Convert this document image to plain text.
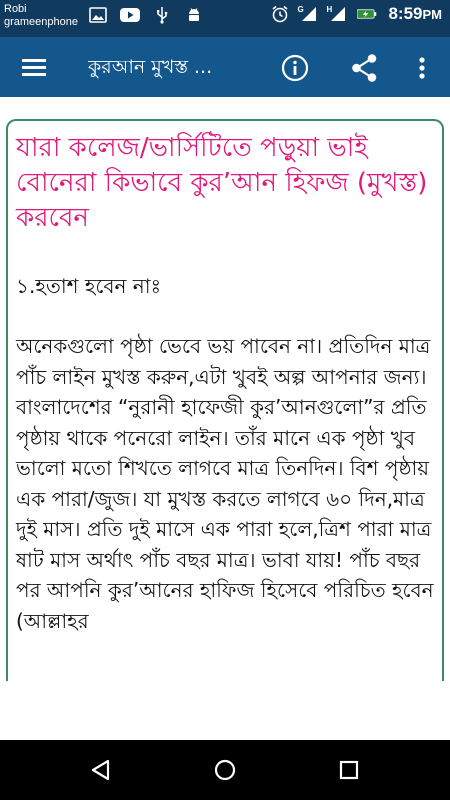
Robi
grameenphone
G	H	8:59PM
কুরআন মুখস্ত ...
যারা কলেজ/ভার্সিটিতে পড়ুয়া ভাই বোনেরা কিভাবে কুর’আন হিফজ (মুখস্ত) করবেন
১.হতাশ হবেন নাঃ
অনেকগুলো পৃষ্ঠা ভেবে ভয় পাবেন না। প্রতিদিন মাত্র পাঁচ লাইন মুখস্ত করুন,এটা খুবই অল্প আপনার জন্য। বাংলাদেশের “নুরানী হাফেজী কুর’আনগুলো”র প্রতি পৃষ্ঠায় থাকে পনেরো লাইন। তাঁর মানে এক পৃষ্ঠা খুব ভালো মতো শিখতে লাগবে মাত্র তিনদিন। বিশ পৃষ্ঠায় এক পারা/জুজ। যা মুখস্ত করতে লাগবে ৬০ দিন,মাত্র দুই মাস। প্রতি দুই মাসে এক পারা হলে,ত্রিশ পারা মাত্র ষাট মাস অর্থাৎ পাঁচ বছর মাত্র। ভাবা যায়! পাঁচ বছর পর আপনি কুর’আনের হাফিজ হিসেবে পরিচিত হবেন (আল্লাহর
